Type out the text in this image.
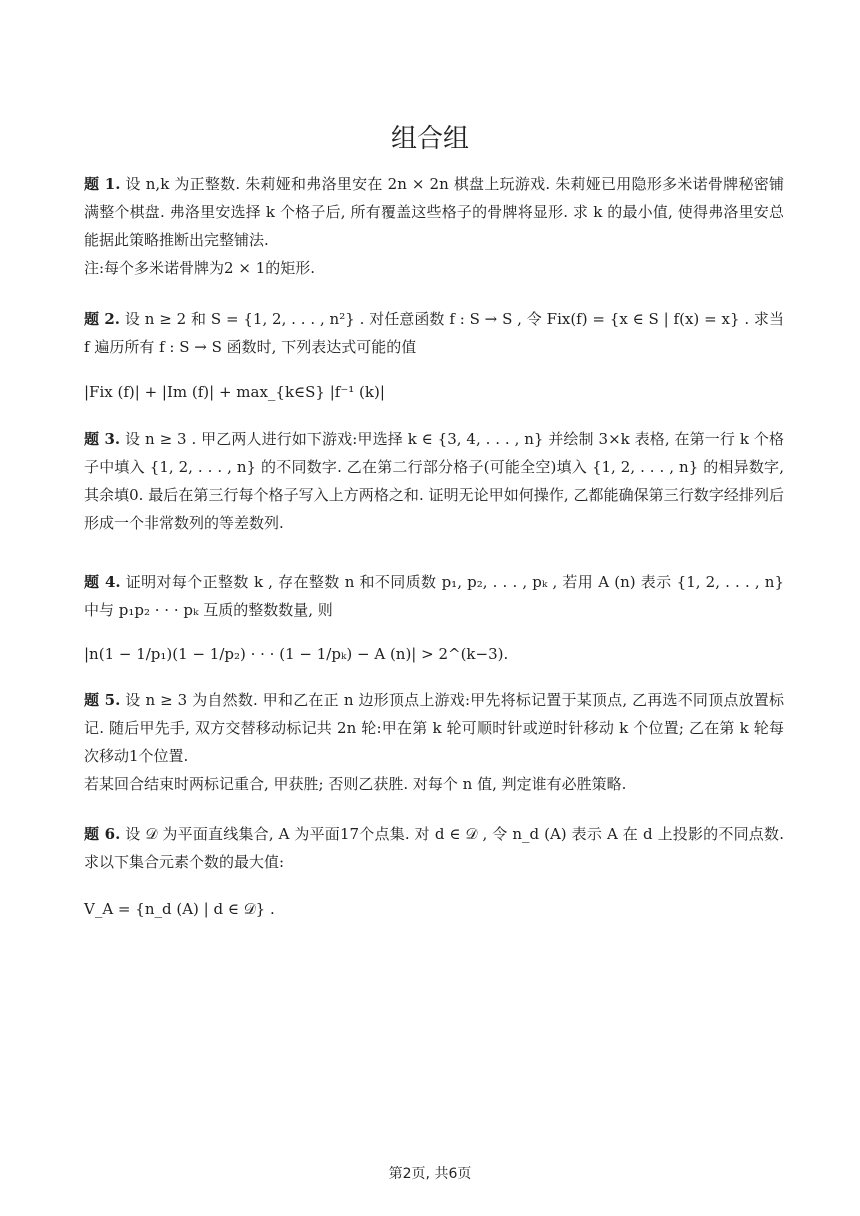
组合组

题 1. 设 n,k 为正整数. 朱莉娅和弗洛里安在 2n × 2n 棋盘上玩游戏. 朱莉娅已用隐形多米诺骨牌秘密铺满整个棋盘. 弗洛里安选择 k 个格子后, 所有覆盖这些格子的骨牌将显形. 求 k 的最小值, 使得弗洛里安总能据此策略推断出完整铺法.

注:每个多米诺骨牌为2 × 1的矩形.

题 2. 设 n ≥ 2 和 S = {1, 2, . . . , n²} . 对任意函数 f : S → S , 令 Fix(f) = {x ∈ S | f(x) = x} . 求当 f 遍历所有 f : S → S 函数时, 下列表达式可能的值

|Fix (f)| + |Im (f)| + max_{k∈S} |f⁻¹ (k)|

题 3. 设 n ≥ 3 . 甲乙两人进行如下游戏:甲选择 k ∈ {3, 4, . . . , n} 并绘制 3×k 表格, 在第一行 k 个格子中填入 {1, 2, . . . , n} 的不同数字. 乙在第二行部分格子(可能全空)填入 {1, 2, . . . , n} 的相异数字, 其余填0. 最后在第三行每个格子写入上方两格之和. 证明无论甲如何操作, 乙都能确保第三行数字经排列后形成一个非常数列的等差数列.

题 4. 证明对每个正整数 k , 存在整数 n 和不同质数 p₁, p₂, . . . , pₖ , 若用 A (n) 表示 {1, 2, . . . , n} 中与 p₁p₂ · · · pₖ 互质的整数数量, 则

|n(1 − 1/p₁)(1 − 1/p₂) · · · (1 − 1/pₖ) − A (n)| > 2^(k−3).

题 5. 设 n ≥ 3 为自然数. 甲和乙在正 n 边形顶点上游戏:甲先将标记置于某顶点, 乙再选不同顶点放置标记. 随后甲先手, 双方交替移动标记共 2n 轮:甲在第 k 轮可顺时针或逆时针移动 k 个位置; 乙在第 k 轮每次移动1个位置.

若某回合结束时两标记重合, 甲获胜; 否则乙获胜. 对每个 n 值, 判定谁有必胜策略.

题 6. 设 𝒟 为平面直线集合, A 为平面17个点集. 对 d ∈ 𝒟 , 令 n_d (A) 表示 A 在 d 上投影的不同点数. 求以下集合元素个数的最大值:

V_A = {n_d (A) | d ∈ 𝒟} .

第2页, 共6页
